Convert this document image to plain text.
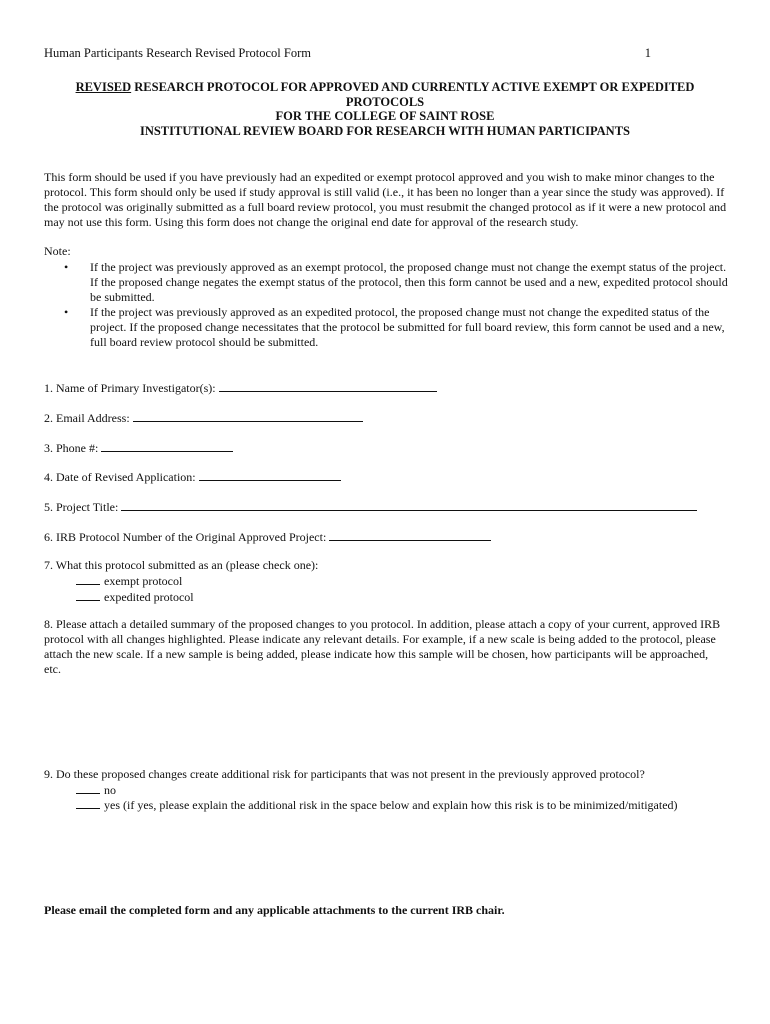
Human Participants Research Revised Protocol Form	1
REVISED RESEARCH PROTOCOL FOR APPROVED AND CURRENTLY ACTIVE EXEMPT OR EXPEDITED
PROTOCOLS
FOR THE COLLEGE OF SAINT ROSE
INSTITUTIONAL REVIEW BOARD FOR RESEARCH WITH HUMAN PARTICIPANTS
This form should be used if you have previously had an expedited or exempt protocol approved and you wish to make minor changes to the protocol. This form should only be used if study approval is still valid (i.e., it has been no longer than a year since the study was approved). If the protocol was originally submitted as a full board review protocol, you must resubmit the changed protocol as if it were a new protocol and may not use this form. Using this form does not change the original end date for approval of the research study.
Note:
• If the project was previously approved as an exempt protocol, the proposed change must not change the exempt status of the project. If the proposed change negates the exempt status of the protocol, then this form cannot be used and a new, expedited protocol should be submitted.
• If the project was previously approved as an expedited protocol, the proposed change must not change the expedited status of the project. If the proposed change necessitates that the protocol be submitted for full board review, this form cannot be used and a new, full board review protocol should be submitted.
1. Name of Primary Investigator(s):
2. Email Address:
3. Phone #:
4. Date of Revised Application:
5. Project Title:
6. IRB Protocol Number of the Original Approved Project:
7. What this protocol submitted as an (please check one):
exempt protocol
expedited protocol
8. Please attach a detailed summary of the proposed changes to you protocol. In addition, please attach a copy of your current, approved IRB protocol with all changes highlighted. Please indicate any relevant details. For example, if a new scale is being added to the protocol, please attach the new scale. If a new sample is being added, please indicate how this sample will be chosen, how participants will be approached, etc.
9. Do these proposed changes create additional risk for participants that was not present in the previously approved protocol?
no
yes (if yes, please explain the additional risk in the space below and explain how this risk is to be minimized/mitigated)
Please email the completed form and any applicable attachments to the current IRB chair.
